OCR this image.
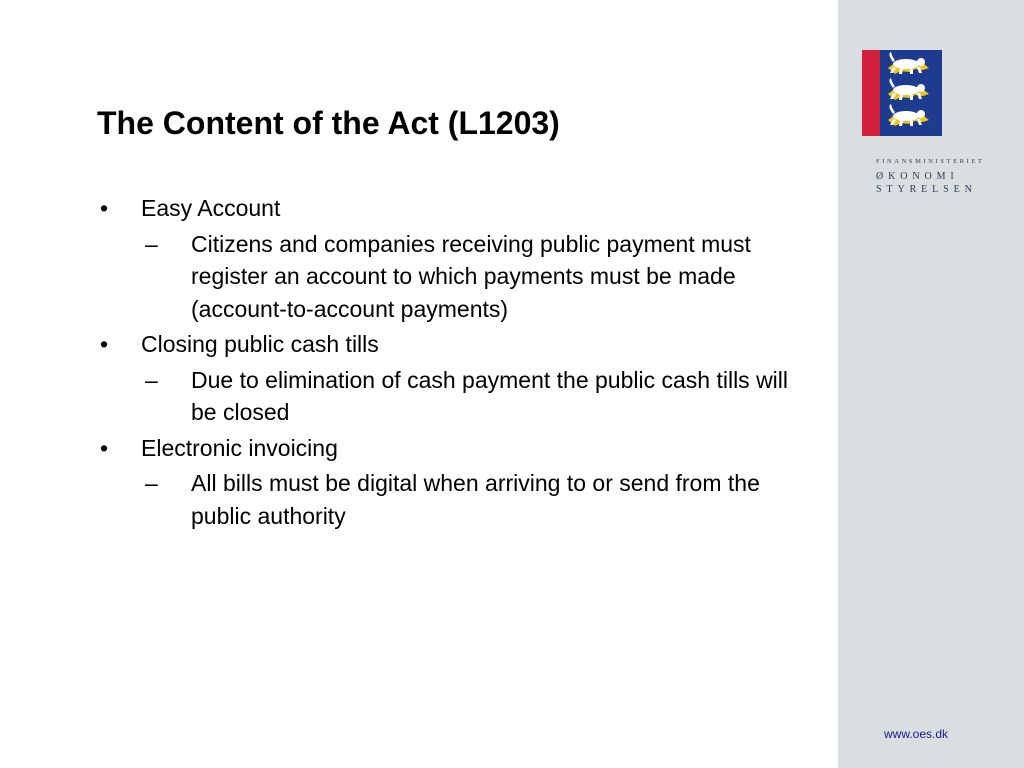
FINANSMINISTERIET
ØKONOMI
STYRELSEN
www.oes.dk
The Content of the Act (L1203)
• Easy Account
– Citizens and companies receiving public payment must register an account to which payments must be made (account-to-account payments)
• Closing public cash tills
– Due to elimination of cash payment the public cash tills will be closed
• Electronic invoicing
– All bills must be digital when arriving to or send from the public authority
